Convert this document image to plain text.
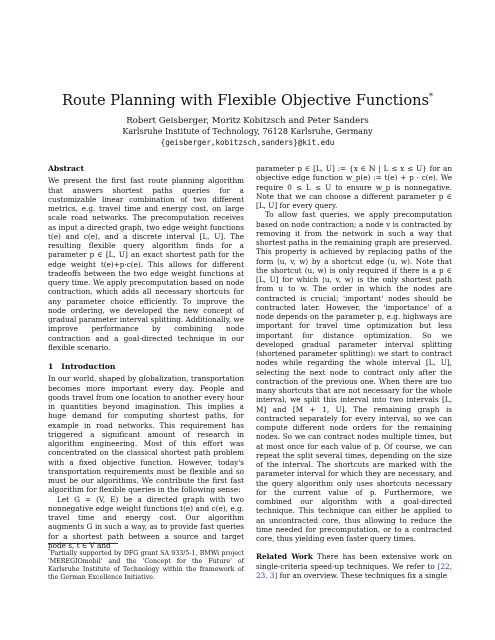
Route Planning with Flexible Objective Functions*
Robert Geisberger, Moritz Kobitzsch and Peter Sanders
Karlsruhe Institute of Technology, 76128 Karlsruhe, Germany
{geisberger,kobitzsch,sanders}@kit.edu
Abstract

We present the first fast route planning algorithm that answers shortest paths queries for a customizable linear combination of two different metrics, e.g. travel time and energy cost, on large scale road networks. The precomputation receives as input a directed graph, two edge weight functions t(e) and c(e), and a discrete interval [L, U]. The resulting flexible query algorithm finds for a parameter p ∈ [L, U] an exact shortest path for the edge weight t(e)+p·c(e). This allows for different tradeoffs between the two edge weight functions at query time. We apply precomputation based on node contraction, which adds all necessary shortcuts for any parameter choice efficiently. To improve the node ordering, we developed the new concept of gradual parameter interval splitting. Additionally, we improve performance by combining node contraction and a goal-directed technique in our flexible scenario.

1 Introduction

In our world, shaped by globalization, transportation becomes more important every day. People and goods travel from one location to another every hour in quantities beyond imagination. This implies a huge demand for computing shortest paths, for example in road networks. This requirement has triggered a significant amount of research in algorithm engineering. Most of this effort was concentrated on the classical shortest path problem with a fixed objective function. However, today's transportation requirements must be flexible and so must be our algorithms. We contribute the first fast algorithm for flexible queries in the following sense:

Let G = (V, E) be a directed graph with two nonnegative edge weight functions t(e) and c(e), e.g. travel time and energy cost. Our algorithm augments G in such a way, as to provide fast queries for a shortest path between a source and target node s, t ∈ V and

*Partially supported by DFG grant SA 933/5-1, BMWi project 'MEREGIOmobil' and the 'Concept for the Future' of Karlsruhe Institute of Technology within the framework of the German Excellence Initiative.

parameter p ∈ [L, U] := {x ∈ ℕ | L ≤ x ≤ U} for an objective edge function w_p(e) := t(e) + p · c(e). We require 0 ≤ L ≤ U to ensure w_p is nonnegative. Note that we can choose a different parameter p ∈ [L, U] for every query.

To allow fast queries, we apply precomputation based on node contraction; a node v is contracted by removing it from the network in such a way that shortest paths in the remaining graph are preserved. This property is achieved by replacing paths of the form ⟨u, v, w⟩ by a shortcut edge (u, w). Note that the shortcut (u, w) is only required if there is a p ∈ [L, U] for which ⟨u, v, w⟩ is the only shortest path from u to w. The order in which the nodes are contracted is crucial; 'important' nodes should be contracted later. However, the 'importance' of a node depends on the parameter p, e.g. highways are important for travel time optimization but less important for distance optimization. So we developed gradual parameter interval splitting (shortened parameter splitting): we start to contract nodes while regarding the whole interval [L, U], selecting the next node to contract only after the contraction of the previous one. When there are too many shortcuts that are not necessary for the whole interval, we split this interval into two intervals [L, M] and [M + 1, U]. The remaining graph is contracted separately for every interval, so we can compute different node orders for the remaining nodes. So we can contract nodes multiple times, but at most once for each value of p. Of course, we can repeat the split several times, depending on the size of the interval. The shortcuts are marked with the parameter interval for which they are necessary, and the query algorithm only uses shortcuts necessary for the current value of p. Furthermore, we combined our algorithm with a goal-directed technique. This technique can either be applied to an uncontracted core, thus allowing to reduce the time needed for precomputation, or to a contracted core, thus yielding even faster query times.

Related Work There has been extensive work on single-criteria speed-up techniques. We refer to [22, 23, 3] for an overview. These techniques fix a single
